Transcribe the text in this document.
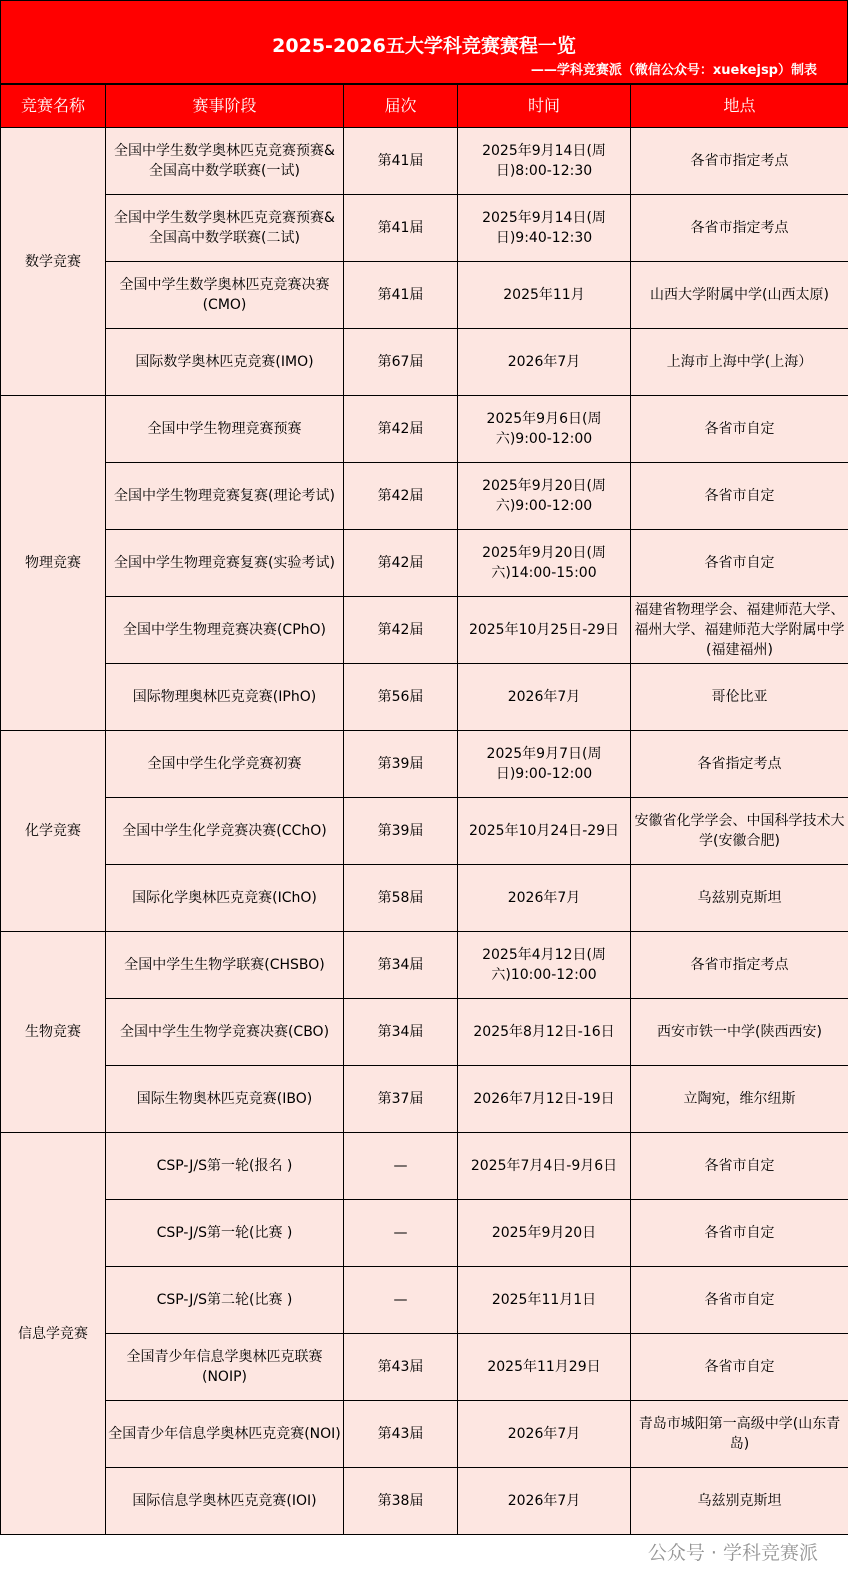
2025-2026五大学科竞赛赛程一览
——学科竞赛派（微信公众号：xuekejsp）制表
竞赛名称	赛事阶段	届次	时间	地点
数学竞赛	全国中学生数学奥林匹克竞赛预赛&全国高中数学联赛(一试)	第41届	2025年9月14日(周日)8:00-12:30	各省市指定考点
	全国中学生数学奥林匹克竞赛预赛&全国高中数学联赛(二试)	第41届	2025年9月14日(周日)9:40-12:30	各省市指定考点
	全国中学生数学奥林匹克竞赛决赛(CMO)	第41届	2025年11月	山西大学附属中学(山西太原)
	国际数学奥林匹克竞赛(IMO)	第67届	2026年7月	上海市上海中学(上海）
物理竞赛	全国中学生物理竞赛预赛	第42届	2025年9月6日(周六)9:00-12:00	各省市自定
	全国中学生物理竞赛复赛(理论考试)	第42届	2025年9月20日(周六)9:00-12:00	各省市自定
	全国中学生物理竞赛复赛(实验考试)	第42届	2025年9月20日(周六)14:00-15:00	各省市自定
	全国中学生物理竞赛决赛(CPhO)	第42届	2025年10月25日-29日	福建省物理学会、福建师范大学、福州大学、福建师范大学附属中学(福建福州)
	国际物理奥林匹克竞赛(IPhO)	第56届	2026年7月	哥伦比亚
化学竞赛	全国中学生化学竞赛初赛	第39届	2025年9月7日(周日)9:00-12:00	各省指定考点
	全国中学生化学竞赛决赛(CChO)	第39届	2025年10月24日-29日	安徽省化学学会、中国科学技术大学(安徽合肥)
	国际化学奥林匹克竞赛(IChO)	第58届	2026年7月	乌兹别克斯坦
生物竞赛	全国中学生生物学联赛(CHSBO)	第34届	2025年4月12日(周六)10:00-12:00	各省市指定考点
	全国中学生生物学竞赛决赛(CBO)	第34届	2025年8月12日-16日	西安市铁一中学(陕西西安)
	国际生物奥林匹克竞赛(IBO)	第37届	2026年7月12日-19日	立陶宛，维尔纽斯
信息学竞赛	CSP-J/S第一轮(报名 )	—	2025年7月4日-9月6日	各省市自定
	CSP-J/S第一轮(比赛 )	—	2025年9月20日	各省市自定
	CSP-J/S第二轮(比赛 )	—	2025年11月1日	各省市自定
	全国青少年信息学奥林匹克联赛(NOIP)	第43届	2025年11月29日	各省市自定
	全国青少年信息学奥林匹克竞赛(NOI)	第43届	2026年7月	青岛市城阳第一高级中学(山东青岛)
	国际信息学奥林匹克竞赛(IOI)	第38届	2026年7月	乌兹别克斯坦
公众号 · 学科竞赛派
